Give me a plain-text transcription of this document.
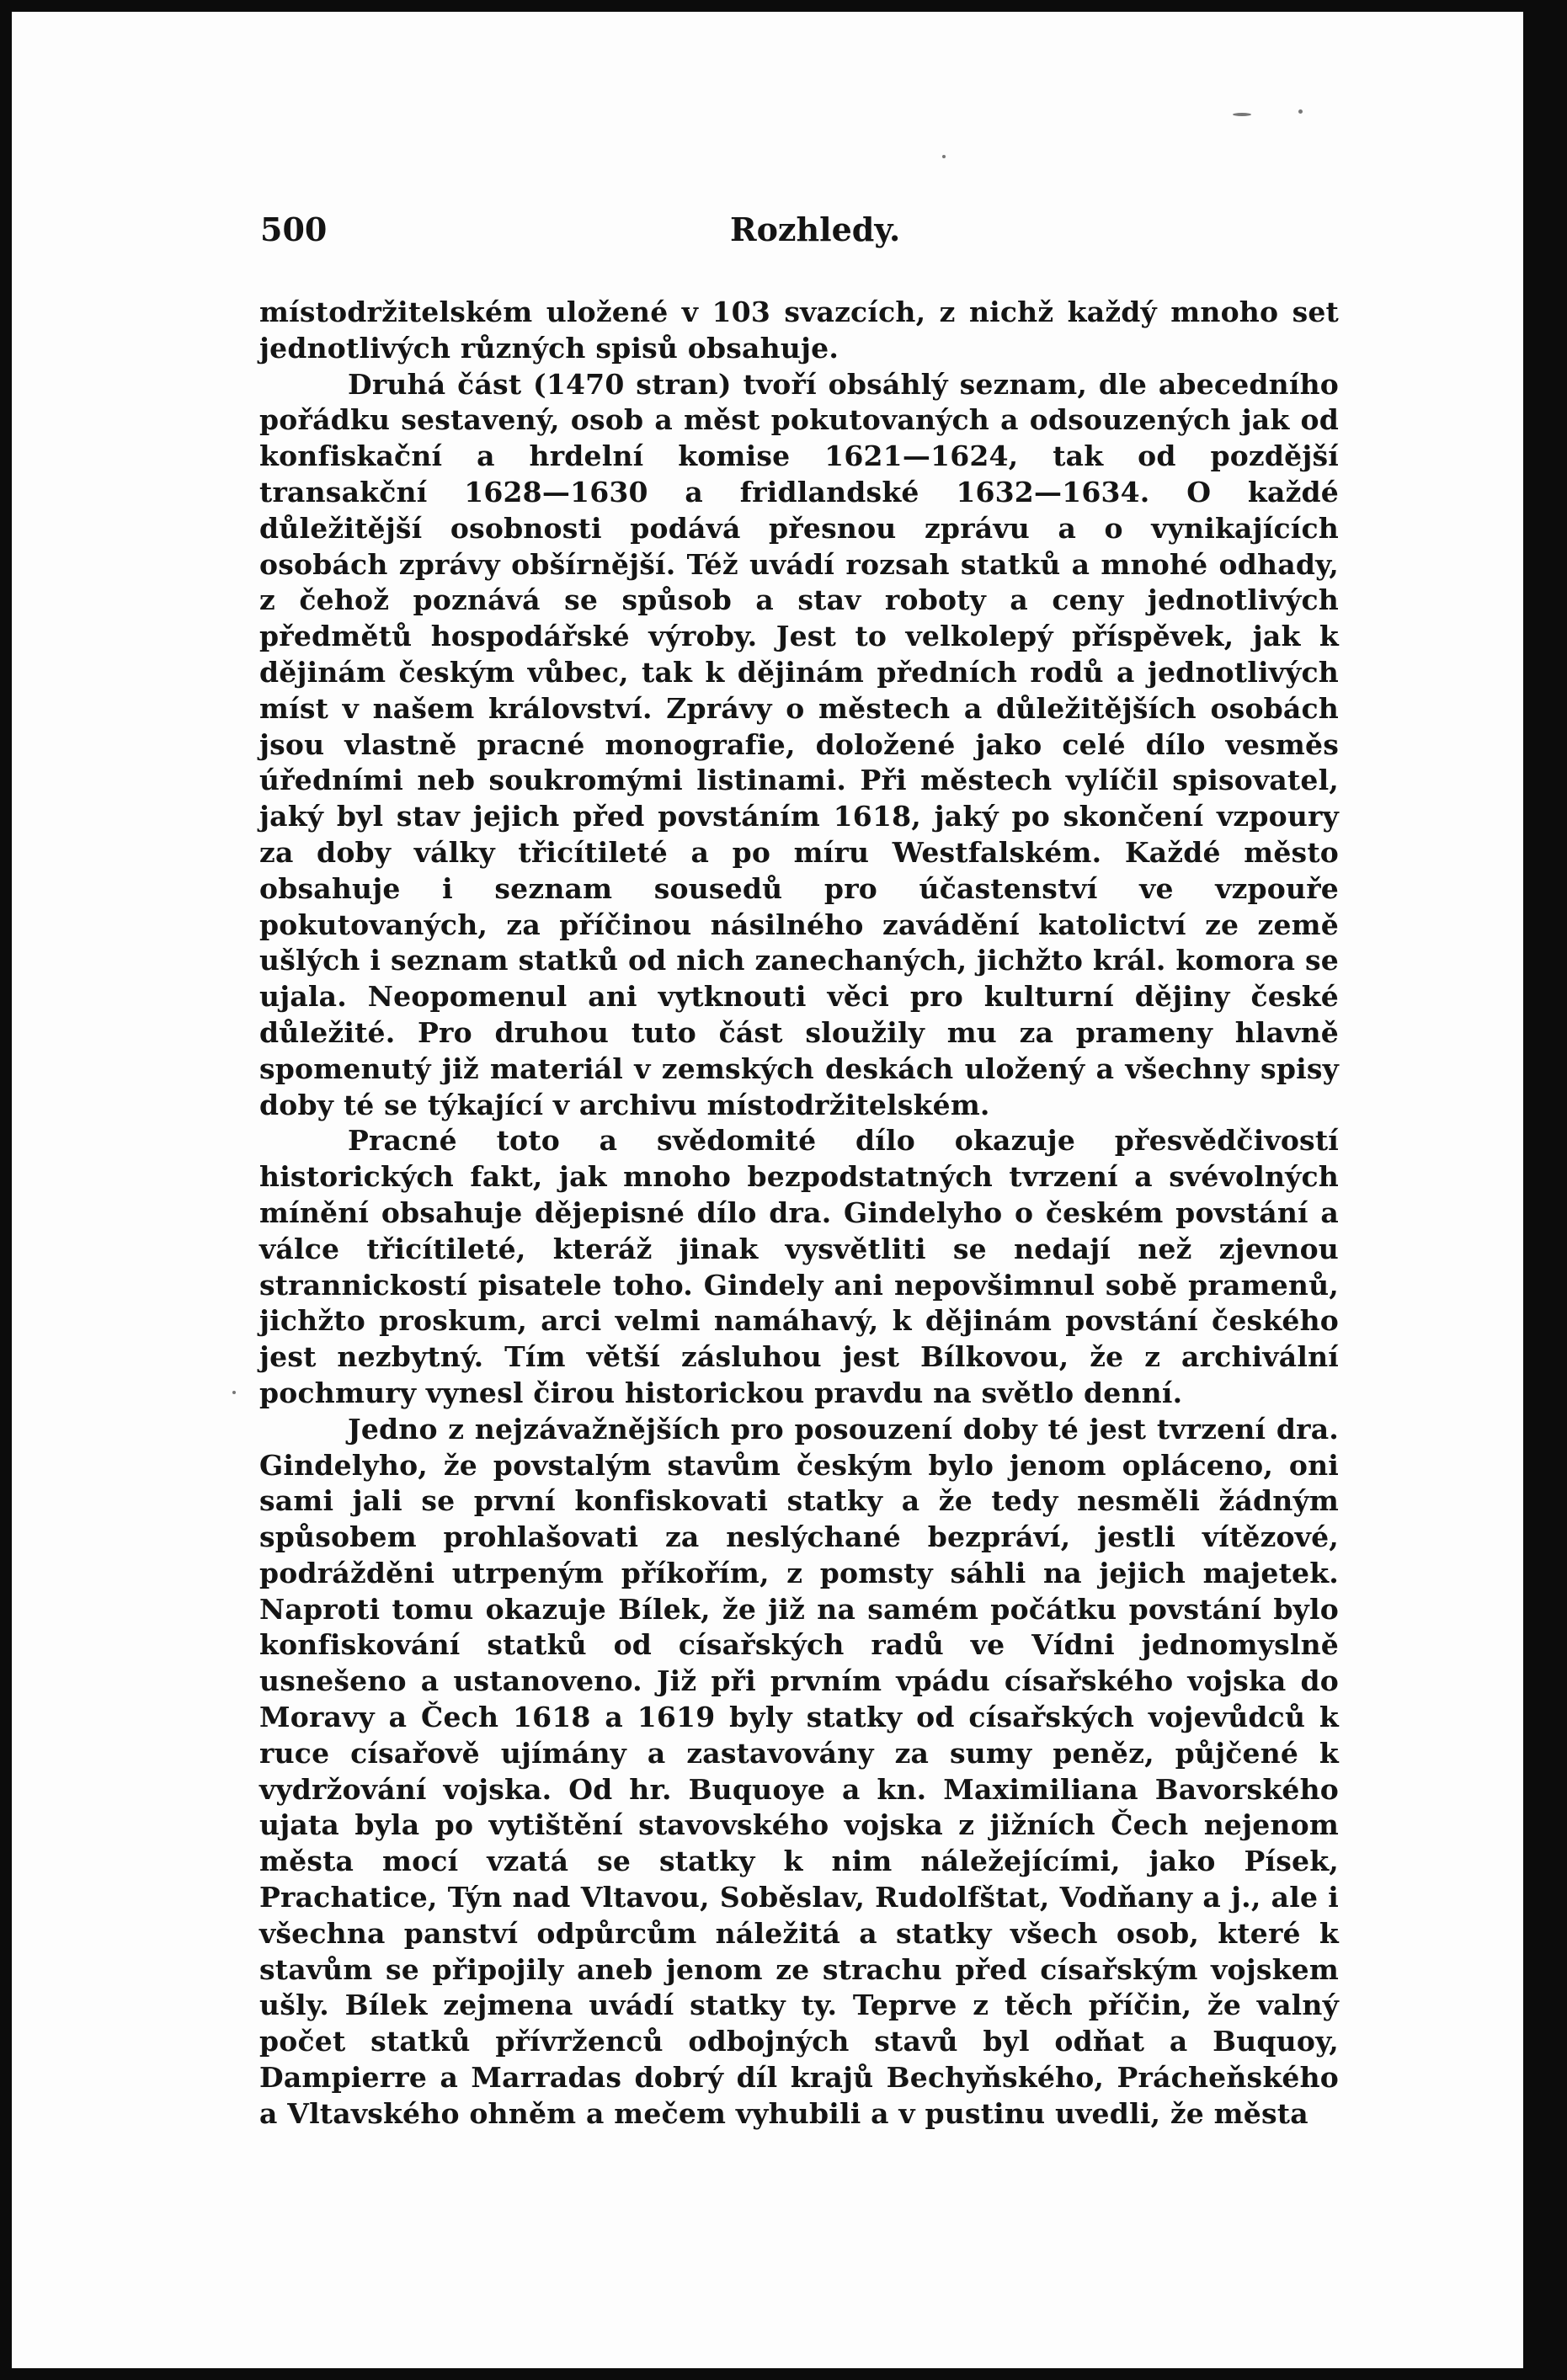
500	Rozhledy.

místodržitelském uložené v 103 svazcích, z nichž každý mnoho set jednotlivých různých spisů obsahuje.

Druhá část (1470 stran) tvoří obsáhlý seznam, dle abecedního pořádku sestavený, osob a měst pokutovaných a odsouzených jak od konfiskační a hrdelní komise 1621—1624, tak od pozdější transakční 1628—1630 a fridlandské 1632—1634. O každé důležitější osobnosti podává přesnou zprávu a o vynikajících osobách zprávy obšírnější. Též uvádí rozsah statků a mnohé odhady, z čehož poznává se spůsob a stav roboty a ceny jednotlivých předmětů hospodářské výroby. Jest to velkolepý příspěvek, jak k dějinám českým vůbec, tak k dějinám předních rodů a jednotlivých míst v našem království. Zprávy o městech a důležitějších osobách jsou vlastně pracné monografie, doložené jako celé dílo vesměs úředními neb soukromými listinami. Při městech vylíčil spisovatel, jaký byl stav jejich před povstáním 1618, jaký po skončení vzpoury za doby války třicítileté a po míru Westfalském. Každé město obsahuje i seznam sousedů pro účastenství ve vzpouře pokutovaných, za příčinou násilného zavádění katolictví ze země ušlých i seznam statků od nich zanechaných, jichžto král. komora se ujala. Neopomenul ani vytknouti věci pro kulturní dějiny české důležité. Pro druhou tuto část sloužily mu za prameny hlavně spomenutý již materiál v zemských deskách uložený a všechny spisy doby té se týkající v archivu místodržitelském.

Pracné toto a svědomité dílo okazuje přesvědčivostí historických fakt, jak mnoho bezpodstatných tvrzení a svévolných mínění obsahuje dějepisné dílo dra. Gindelyho o českém povstání a válce třicítileté, kteráž jinak vysvětliti se nedají než zjevnou strannickostí pisatele toho. Gindely ani nepovšimnul sobě pramenů, jichžto proskum, arci velmi namáhavý, k dějinám povstání českého jest nezbytný. Tím větší zásluhou jest Bílkovou, že z archivální pochmury vynesl čirou historickou pravdu na světlo denní.

Jedno z nejzávažnějších pro posouzení doby té jest tvrzení dra. Gindelyho, že povstalým stavům českým bylo jenom opláceno, oni sami jali se první konfiskovati statky a že tedy nesměli žádným spůsobem prohlašovati za neslýchané bezpráví, jestli vítězové, podrážděni utrpeným příkořím, z pomsty sáhli na jejich majetek. Naproti tomu okazuje Bílek, že již na samém počátku povstání bylo konfiskování statků od císařských radů ve Vídni jednomyslně usnešeno a ustanoveno. Již při prvním vpádu císařského vojska do Moravy a Čech 1618 a 1619 byly statky od císařských vojevůdců k ruce císařově ujímány a zastavovány za sumy peněz, půjčené k vydržování vojska. Od hr. Buquoye a kn. Maximiliana Bavorského ujata byla po vytištění stavovského vojska z jižních Čech nejenom města mocí vzatá se statky k nim náležejícími, jako Písek, Prachatice, Týn nad Vltavou, Soběslav, Rudolfštat, Vodňany a j., ale i všechna panství odpůrcům náležitá a statky všech osob, které k stavům se připojily aneb jenom ze strachu před císařským vojskem ušly. Bílek zejmena uvádí statky ty. Teprve z těch příčin, že valný počet statků přívrženců odbojných stavů byl odňat a Buquoy, Dampierre a Marradas dobrý díl krajů Bechyňského, Prácheňského a Vltavského ohněm a mečem vyhubili a v pustinu uvedli, že města
